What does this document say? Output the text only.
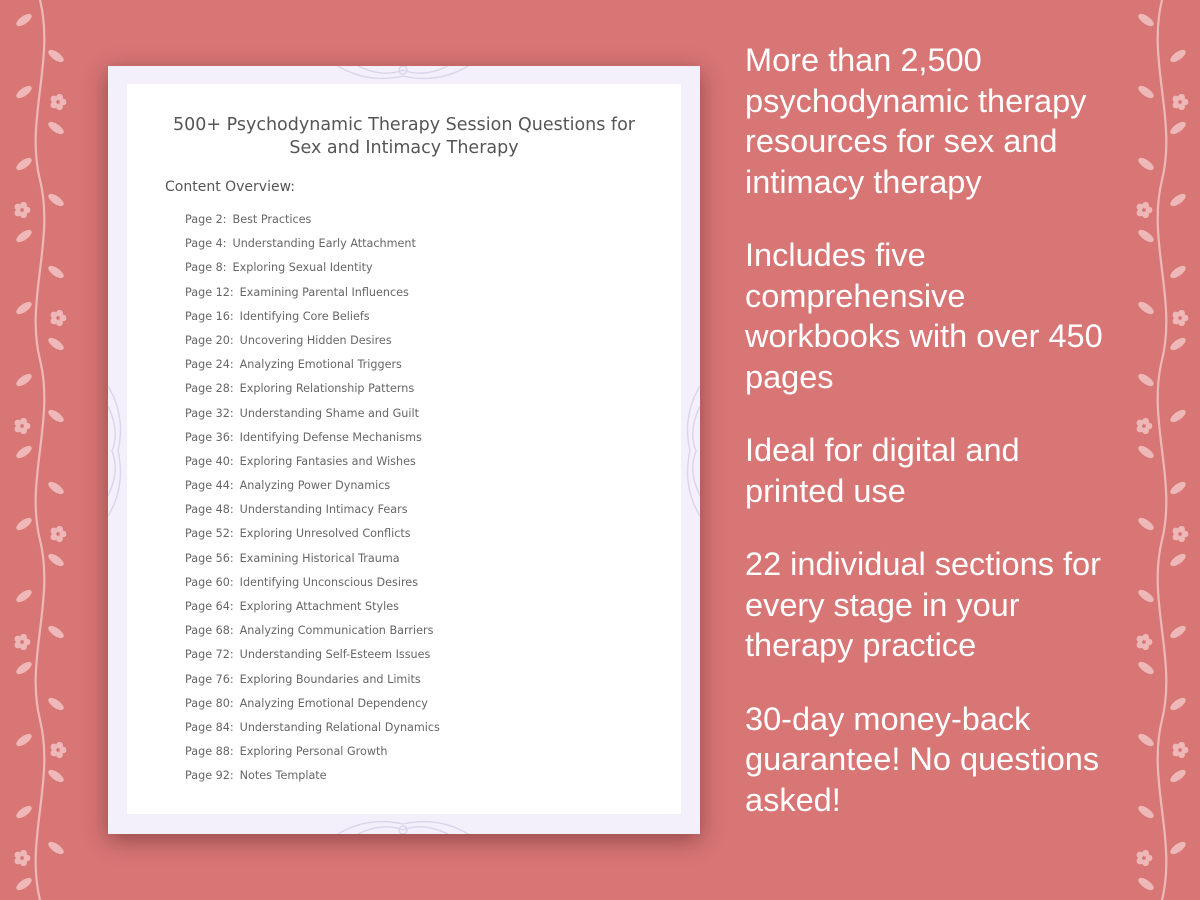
500+ Psychodynamic Therapy Session Questions for
Sex and Intimacy Therapy
Content Overview:
Page 2: Best Practices
Page 4: Understanding Early Attachment
Page 8: Exploring Sexual Identity
Page 12: Examining Parental Influences
Page 16: Identifying Core Beliefs
Page 20: Uncovering Hidden Desires
Page 24: Analyzing Emotional Triggers
Page 28: Exploring Relationship Patterns
Page 32: Understanding Shame and Guilt
Page 36: Identifying Defense Mechanisms
Page 40: Exploring Fantasies and Wishes
Page 44: Analyzing Power Dynamics
Page 48: Understanding Intimacy Fears
Page 52: Exploring Unresolved Conflicts
Page 56: Examining Historical Trauma
Page 60: Identifying Unconscious Desires
Page 64: Exploring Attachment Styles
Page 68: Analyzing Communication Barriers
Page 72: Understanding Self-Esteem Issues
Page 76: Exploring Boundaries and Limits
Page 80: Analyzing Emotional Dependency
Page 84: Understanding Relational Dynamics
Page 88: Exploring Personal Growth
Page 92: Notes Template

More than 2,500 psychodynamic therapy resources for sex and intimacy therapy

Includes five comprehensive workbooks with over 450 pages

Ideal for digital and printed use

22 individual sections for every stage in your therapy practice

30-day money-back guarantee! No questions asked!
